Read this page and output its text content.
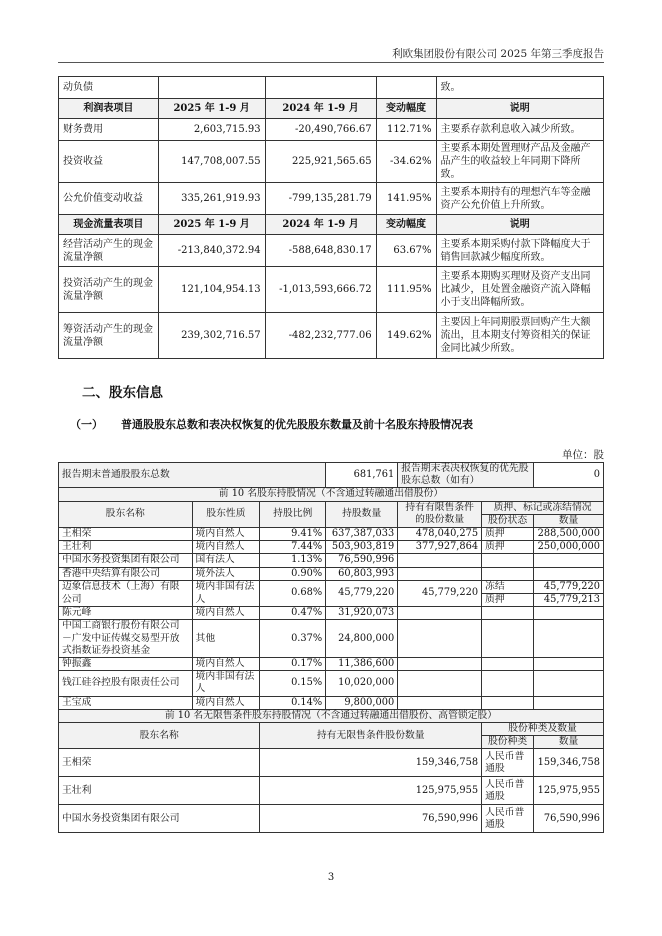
利欧集团股份有限公司 2025 年第三季度报告
动负债				致。
利润表项目	2025 年 1-9 月	2024 年 1-9 月	变动幅度	说明
财务费用	2,603,715.93	-20,490,766.67	112.71%	主要系存款利息收入减少所致。
投资收益	147,708,007.55	225,921,565.65	-34.62%	主要系本期处置理财产品及金融产品产生的收益较上年同期下降所致。
公允价值变动收益	335,261,919.93	-799,135,281.79	141.95%	主要系本期持有的理想汽车等金融资产公允价值上升所致。
现金流量表项目	2025 年 1-9 月	2024 年 1-9 月	变动幅度	说明
经营活动产生的现金流量净额	-213,840,372.94	-588,648,830.17	63.67%	主要系本期采购付款下降幅度大于销售回款减少幅度所致。
投资活动产生的现金流量净额	121,104,954.13	-1,013,593,666.72	111.95%	主要系本期购买理财及资产支出同比减少，且处置金融资产流入降幅小于支出降幅所致。
筹资活动产生的现金流量净额	239,302,716.57	-482,232,777.06	149.62%	主要因上年同期股票回购产生大额流出，且本期支付筹资相关的保证金同比减少所致。
二、股东信息
（一） 普通股股东总数和表决权恢复的优先股股东数量及前十名股东持股情况表
单位：股
报告期末普通股股东总数			681,761	报告期末表决权恢复的优先股股东总数（如有）		0
前 10 名股东持股情况（不含通过转融通出借股份）						
股东名称	股东性质	持股比例	持股数量	持有有限售条件的股份数量	质押、标记或冻结情况	
					股份状态	数量
王相荣	境内自然人	9.41%	637,387,033	478,040,275	质押	288,500,000
王壮利	境内自然人	7.44%	503,903,819	377,927,864	质押	250,000,000
中国水务投资集团有限公司	国有法人	1.13%	76,590,996			
香港中央结算有限公司	境外法人	0.90%	60,803,993			
迈象信息技术（上海）有限公司	境内非国有法人	0.68%	45,779,220	45,779,220	冻结	45,779,220
					质押	45,779,213
陈元峰	境内自然人	0.47%	31,920,073			
中国工商银行股份有限公司－广发中证传媒交易型开放式指数证券投资基金	其他	0.37%	24,800,000			
钟振鑫	境内自然人	0.17%	11,386,600			
钱江硅谷控股有限责任公司	境内非国有法人	0.15%	10,020,000			
王宝成	境内自然人	0.14%	9,800,000			
前 10 名无限售条件股东持股情况（不含通过转融通出借股份、高管锁定股）						
股东名称		持有无限售条件股份数量			股份种类及数量	
					股份种类	数量
王相荣		159,346,758			人民币普通股	159,346,758
王壮利		125,975,955			人民币普通股	125,975,955
中国水务投资集团有限公司		76,590,996			人民币普通股	76,590,996
3
